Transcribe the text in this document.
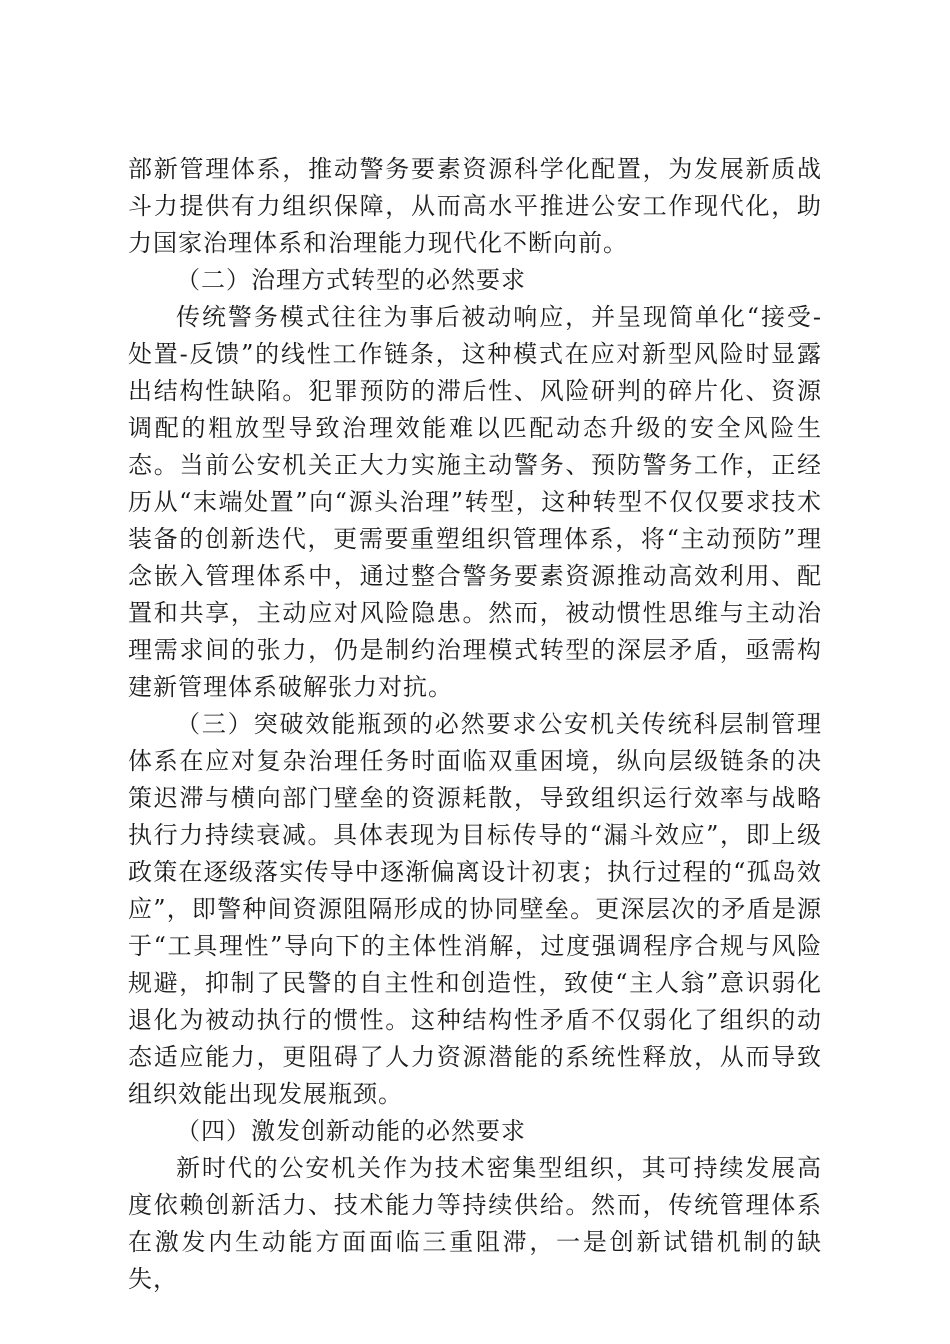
部新管理体系，推动警务要素资源科学化配置，为发展新质战斗力提供有力组织保障，从而高水平推进公安工作现代化，助力国家治理体系和治理能力现代化不断向前。

（二）治理方式转型的必然要求

传统警务模式往往为事后被动响应，并呈现简单化“接受-处置-反馈”的线性工作链条，这种模式在应对新型风险时显露出结构性缺陷。犯罪预防的滞后性、风险研判的碎片化、资源调配的粗放型导致治理效能难以匹配动态升级的安全风险生态。当前公安机关正大力实施主动警务、预防警务工作，正经历从“末端处置”向“源头治理”转型，这种转型不仅仅要求技术装备的创新迭代，更需要重塑组织管理体系，将“主动预防”理念嵌入管理体系中，通过整合警务要素资源推动高效利用、配置和共享，主动应对风险隐患。然而，被动惯性思维与主动治理需求间的张力，仍是制约治理模式转型的深层矛盾，亟需构建新管理体系破解张力对抗。

（三）突破效能瓶颈的必然要求公安机关传统科层制管理体系在应对复杂治理任务时面临双重困境，纵向层级链条的决策迟滞与横向部门壁垒的资源耗散，导致组织运行效率与战略执行力持续衰减。具体表现为目标传导的“漏斗效应”，即上级政策在逐级落实传导中逐渐偏离设计初衷；执行过程的“孤岛效应”，即警种间资源阻隔形成的协同壁垒。更深层次的矛盾是源于“工具理性”导向下的主体性消解，过度强调程序合规与风险规避，抑制了民警的自主性和创造性，致使“主人翁”意识弱化退化为被动执行的惯性。这种结构性矛盾不仅弱化了组织的动态适应能力，更阻碍了人力资源潜能的系统性释放，从而导致组织效能出现发展瓶颈。

（四）激发创新动能的必然要求

新时代的公安机关作为技术密集型组织，其可持续发展高度依赖创新活力、技术能力等持续供给。然而，传统管理体系在激发内生动能方面面临三重阻滞，一是创新试错机制的缺失，
